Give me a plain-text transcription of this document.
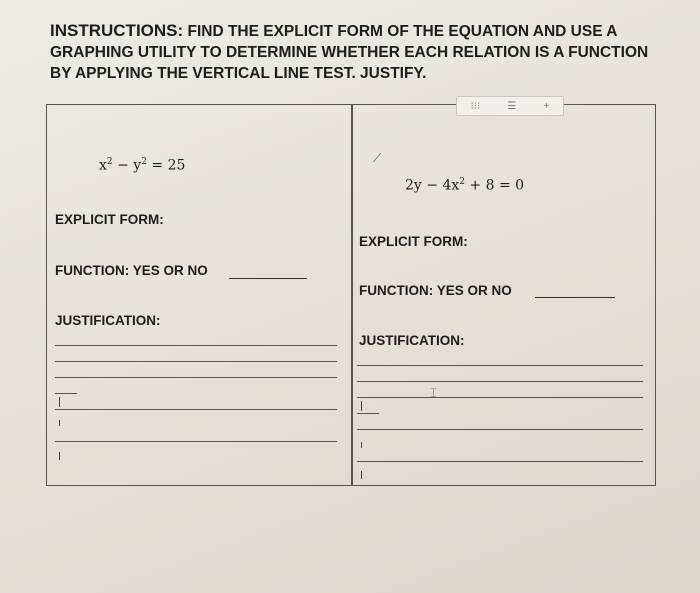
INSTRUCTIONS: FIND THE EXPLICIT FORM OF THE EQUATION AND USE A GRAPHING UTILITY TO DETERMINE WHETHER EACH RELATION IS A FUNCTION BY APPLYING THE VERTICAL LINE TEST. JUSTIFY.
$x^2 - y^2 = 25$
EXPLICIT FORM:
FUNCTION: YES OR NO
JUSTIFICATION:
⟋
$2y - 4x^2 + 8 = 0$
EXPLICIT FORM:
FUNCTION: YES OR NO
JUSTIFICATION:
𝙸
⁝⁝⁝	☰	+
